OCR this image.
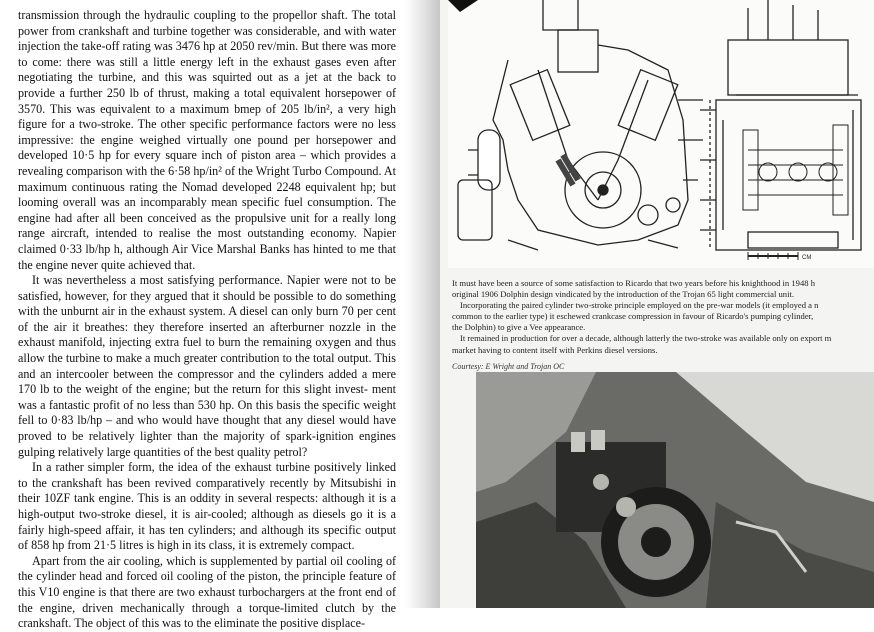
transmission through the hydraulic coupling to the propellor shaft. The total power from crankshaft and turbine together was considerable, and with water injection the take-off rating was 3476 hp at 2050 rev/min. But there was more to come: there was still a little energy left in the exhaust gases even after negotiating the turbine, and this was squirted out as a jet at the back to provide a further 250 lb of thrust, making a total equivalent horsepower of 3570. This was equivalent to a maximum bmep of 205 lb/in², a very high figure for a two-stroke. The other specific performance factors were no less impressive: the engine weighed virtually one pound per horsepower and developed 10·5 hp for every square inch of piston area – which provides a revealing comparison with the 6·58 hp/in² of the Wright Turbo Compound. At maximum continuous rating the Nomad developed 2248 equivalent hp; but looming overall was an incomparably mean specific fuel consumption. The engine had after all been conceived as the propulsive unit for a really long range aircraft, intended to realise the most outstanding economy. Napier claimed 0·33 lb/hp h, although Air Vice Marshal Banks has hinted to me that the engine never quite achieved that.

It was nevertheless a most satisfying performance. Napier were not to be satisfied, however, for they argued that it should be possible to do something with the unburnt air in the exhaust system. A diesel can only burn 70 per cent of the air it breathes: they therefore inserted an afterburner nozzle in the exhaust manifold, injecting extra fuel to burn the remaining oxygen and thus allow the turbine to make a much greater contribution to the total output. This and an intercooler between the compressor and the cylinders added a mere 170 lb to the weight of the engine; but the return for this slight invest- ment was a fantastic profit of no less than 530 hp. On this basis the specific weight fell to 0·83 lb/hp – and who would have thought that any diesel would have proved to be relatively lighter than the majority of spark-ignition engines gulping relatively large quantities of the best quality petrol?

In a rather simpler form, the idea of the exhaust turbine positively linked to the crankshaft has been revived comparatively recently by Mitsubishi in their 10ZF tank engine. This is an oddity in several respects: although it is a high-output two-stroke diesel, it is air-cooled; although as diesels go it is a fairly high-speed affair, it has ten cylinders; and although its specific output of 858 hp from 21·5 litres is high in its class, it is extremely compact.

Apart from the air cooling, which is supplemented by partial oil cooling of the cylinder head and forced oil cooling of the piston, the principle feature of this V10 engine is that there are two exhaust turbochargers at the front end of the engine, driven mechanically through a torque-limited clutch by the crankshaft. The object of this was to the eliminate the positive displace-

CM

It must have been a source of some satisfaction to Ricardo that two years before his knighthood in 1948 h

original 1906 Dolphin design vindicated by the introduction of the Trojan 65 light commercial unit.

Incorporating the paired cylinder two-stroke principle employed on the pre-war models (it employed a n

common to the earlier type) it eschewed crankcase compression in favour of Ricardo's pumping cylinder,

the Dolphin) to give a Vee appearance.

It remained in production for over a decade, although latterly the two-stroke was available only on export m

market having to content itself with Perkins diesel versions.

Courtesy: E Wright and Trojan OC
